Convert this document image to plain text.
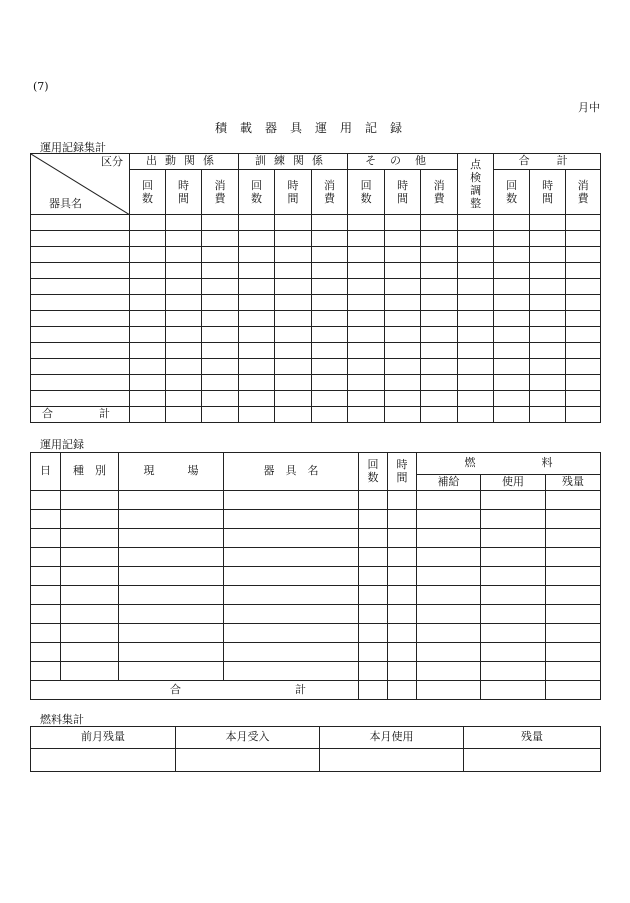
(7)
月中
積載器具運用記録
運用記録集計
区分
器具名	出動関係			訓練関係			その他			点検調整	合　計		
	回数	時間	消費	回数	時間	消費	回数	時間	消費		回数	時間	消費

合　　計													
運用記録
日	種　別	現　　　場	器　具　名	回数	時間	燃　　　　　　料		
						補給	使用	残量

合 計								
燃料集計
前月残量	本月受入	本月使用	残量
